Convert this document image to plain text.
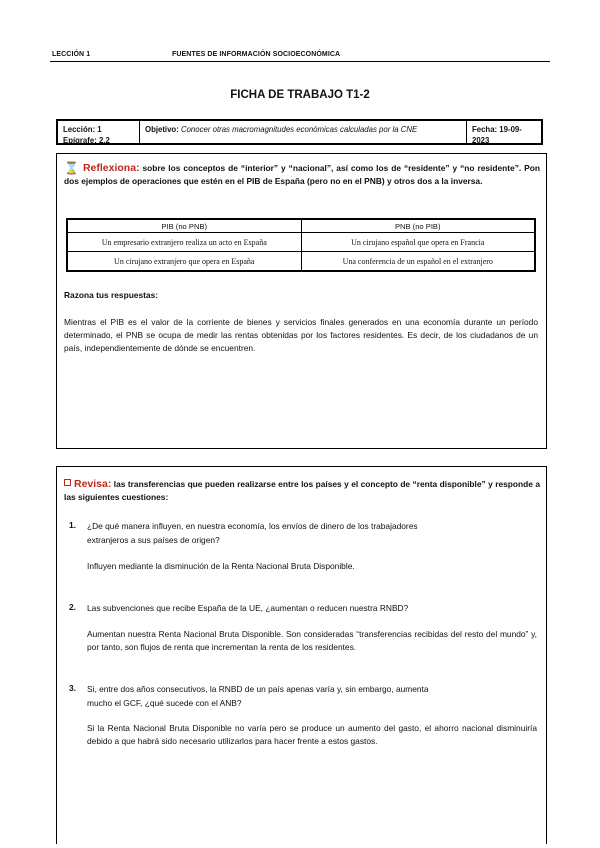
LECCIÓN 1	FUENTES DE INFORMACIÓN SOCIOECONÓMICA
FICHA DE TRABAJO T1-2
Lección: 1
Epígrafe: 2.2
Objetivo: Conocer otras macromagnitudes económicas calculadas por la CNE	Fecha: 19-09- 2023
⌛ Reflexiona: sobre los conceptos de “interior” y “nacional”, así como los de “residente” y “no residente”. Pon dos ejemplos de operaciones que estén en el PIB de España (pero no en el PNB) y otros dos a la inversa.
PIB (no PNB)	PNB (no PIB)
Un empresario extranjero realiza un acto en España	Un cirujano español que opera en Francia
Un cirujano extranjero que opera en España	Una conferencia de un español en el extranjero
Razona tus respuestas:
Mientras el PIB es el valor de la corriente de bienes y servicios finales generados en una economía durante un período determinado, el PNB se ocupa de medir las rentas obtenidas por los factores residentes. Es decir, de los ciudadanos de un país, independientemente de dónde se encuentren.
Revisa: las transferencias que pueden realizarse entre los países y el concepto de “renta disponible” y responde a las siguientes cuestiones:
1. ¿De qué manera influyen, en nuestra economía, los envíos de dinero de los trabajadores
extranjeros a sus países de origen?
Influyen mediante la disminución de la Renta Nacional Bruta Disponible.
2. Las subvenciones que recibe España de la UE, ¿aumentan o reducen nuestra RNBD?
Aumentan nuestra Renta Nacional Bruta Disponible. Son consideradas “transferencias recibidas del resto del mundo” y, por tanto, son flujos de renta que incrementan la renta de los residentes.
3. Si, entre dos años consecutivos, la RNBD de un país apenas varía y, sin embargo, aumenta
mucho el GCF, ¿qué sucede con el ANB?
Si la Renta Nacional Bruta Disponible no varía pero se produce un aumento del gasto, el ahorro nacional disminuiría debido a que habrá sido necesario utilizarlos para hacer frente a estos gastos.
